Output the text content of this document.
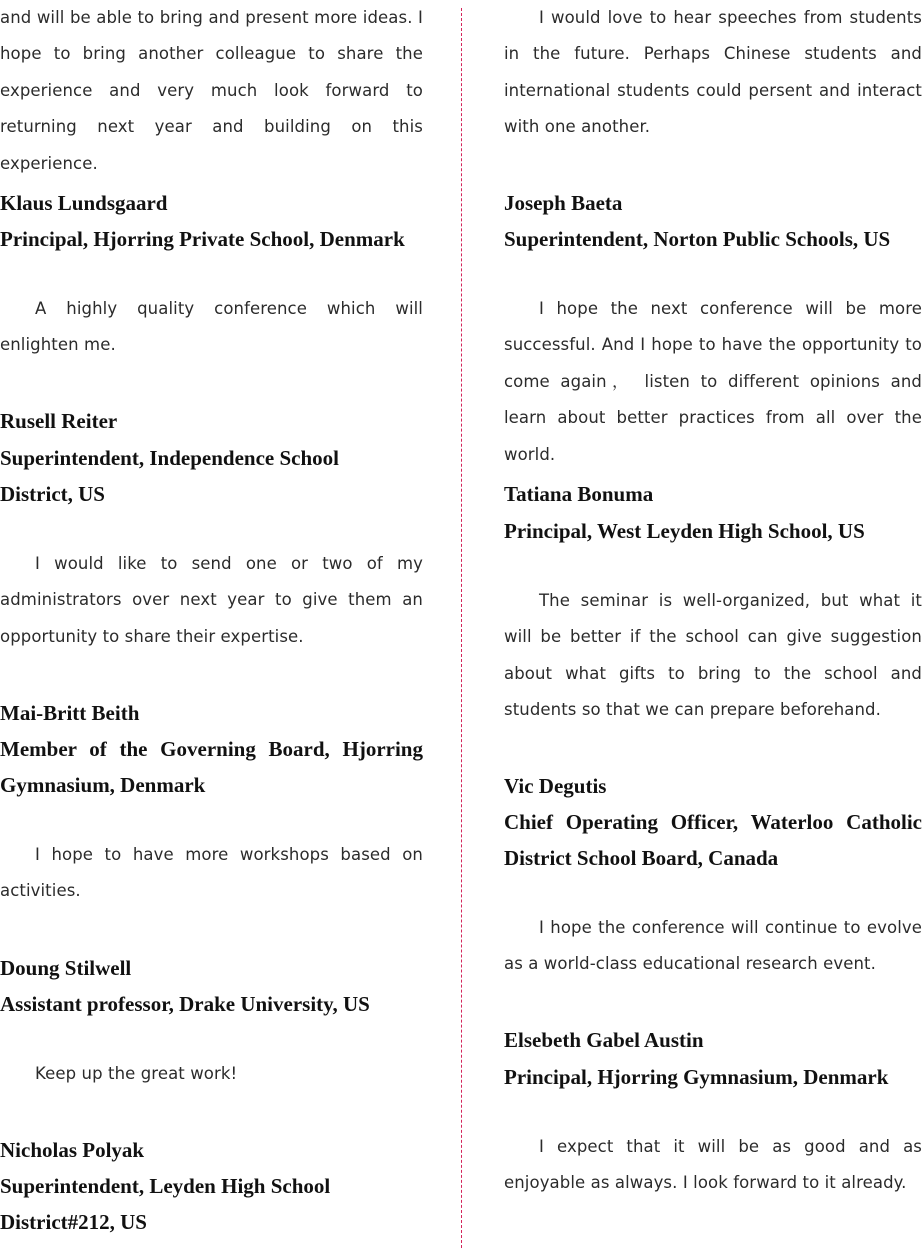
and will be able to bring and present more ideas. I hope to bring another colleague to share the experience and very much look forward to returning next year and building on this experience.

Klaus Lundsgaard

Principal, Hjorring Private School, Denmark

A highly quality conference which will enlighten me.

Rusell Reiter

Superintendent, Independence School District, US

I would like to send one or two of my administrators over next year to give them an opportunity to share their expertise.

Mai-Britt Beith

Member of the Governing Board, Hjorring Gymnasium, Denmark

I hope to have more workshops based on activities.

Doung Stilwell

Assistant professor, Drake University, US

Keep up the great work!

Nicholas Polyak

Superintendent, Leyden High School District#212, US

I would love to hear speeches from students in the future. Perhaps Chinese students and international students could persent and interact with one another.

Joseph Baeta

Superintendent, Norton Public Schools, US

I hope the next conference will be more successful. And I hope to have the opportunity to come again， listen to different opinions and learn about better practices from all over the world.

Tatiana Bonuma

Principal, West Leyden High School, US

The seminar is well-organized, but what it will be better if the school can give suggestion about what gifts to bring to the school and students so that we can prepare beforehand.

Vic Degutis

Chief Operating Officer, Waterloo Catholic District School Board, Canada

I hope the conference will continue to evolve as a world-class educational research event.

Elsebeth Gabel Austin

Principal, Hjorring Gymnasium, Denmark

I expect that it will be as good and as enjoyable as always. I look forward to it already.
